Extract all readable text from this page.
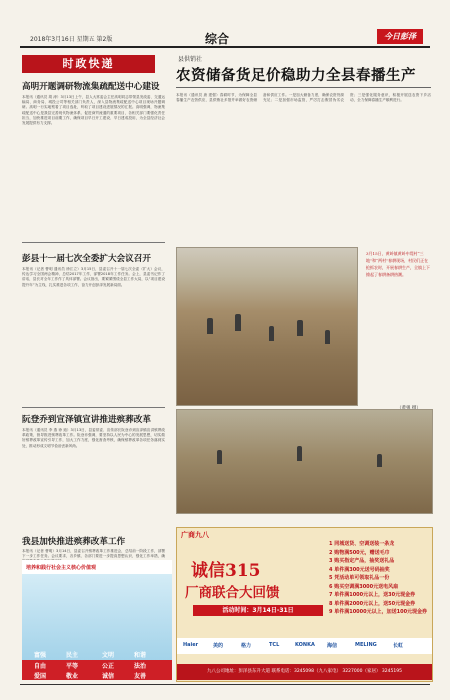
2018年3月16日 星期五 第2版	综合	今日彭泽
时政快递
高明开题调研物流集疏配送中心建设
本报讯（通讯员 胡 涛）3月13日上午，县人大常委会主任高明同志带领县发改委、交通运输局、商务局、城投公司等相关部门负责人，深入县物流集疏配送中心项目现场开题调研。高明一行实地察看了项目选址，听取了项目建设进展情况的汇报。高明强调，物流集疏配送中心是我县完善现代物流体系、促进商贸流通的重要项目，各相关部门要强化责任担当，加快推进项目前期工作，确保项目早日开工建设、早日建成投用，为全县经济社会发展提供有力支撑。
彭县十一届七次全委扩大会议召开
本报讯（记者 曹明 通讯员 徐江立）3月15日，县委召开十一届七次全委（扩大）会议，传达学习全国两会精神，总结2017年工作，部署2018年工作任务。会上，县委书记作了讲话，县长对全年工作作了具体部署。会议指出，要紧紧围绕全县工作大局，以“项目建设提升年”为主线，扎实推进各项工作，奋力开创彭泽发展新局面。
阮登乔到宣泽镇宣讲推进殡葬改革
本报讯（通讯员 李 燕 徐 迪）3月13日，县委常委、宣传部长阮登乔到宣泽镇宣讲殡葬改革政策，督导推进殡葬改革工作。阮登乔强调，要坚持以人民为中心的发展思想，切实做好殡葬改革宣传引导工作，加大工作力度，强化督查考核，确保殡葬改革各项任务落到实处，推动形成文明节俭治丧新风尚。
我县加快推进殡葬改革工作
本报讯（记者 曹明）3月14日，县委召开殡葬改革工作推进会，总结前一阶段工作，部署下一步工作任务。会议要求，各乡镇、各部门要进一步提高思想认识，强化工作举措，确
县供销社
农资储备货足价稳助力全县春播生产
本报讯（通讯员 唐 建强）春耕时节，为保障全县春播生产农资供应，县供销社多措并举做好农资储备和供应工作。一是加大储备力度，确保农资货源充足；二是加强市场监管，严厉打击假冒伪劣农资；三是强化服务意识，积极开展送农资下乡活动，全力保障春播生产顺利进行。
3月15日，黄岭镇黄岭中堤村“三地”和“两村”春耕现场，村民们正在抢抓农时，开展春耕生产，全镇上下掀起了春耕备耕热潮。
培养和践行社会主义核心价值观
富强	民主	文明	和谐
自由	平等	公正	法治
爱国	敬业	诚信	友善
广商九八
诚信315
厂商联合大回馈
活动时间：3月14日-31日
1 同城送货、空调送装一条龙
2 购物满500元，赠送毛巾
3 购买指定产品，抽奖送礼品
4 单件满300元送号码抽奖
5 凭活动单可领取礼品一份
6 购买空调满3000元送电风扇
7 单件满1000元以上，送30元现金券
8 单件满2000元以上，送50元现金券
9 单件满10000元以上，加送100元现金券
Haier	美的	格力	TCL	KONKA 海信	MELING	长虹
九八公司地址：彭泽县东升大道 联系电话：3245098（九八家电） 3227000（家居） 3245195
